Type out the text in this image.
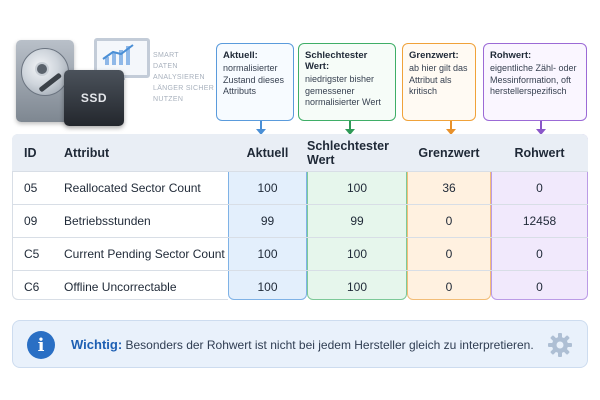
SSD
SMART
DATEN
ANALYSIEREN
LÄNGER SICHER
NUTZEN
Aktuell:
normalisierter Zustand dieses Attributs
Schlechtester Wert:
niedrigster bisher gemessener normalisierter Wert
Grenzwert:
ab hier gilt das Attribut als kritisch
Rohwert:
eigentliche Zähl- oder Messinformation, oft herstellerspezifisch
ID	Attribut	Aktuell	Schlechtester Wert	Grenzwert	Rohwert
05	Reallocated Sector Count	100	100	36	0
09	Betriebsstunden	99	99	0	12458
C5	Current Pending Sector Count	100	100	0	0
C6	Offline Uncorrectable	100	100	0	0
i	Wichtig: Besonders der Rohwert ist nicht bei jedem Hersteller gleich zu interpretieren.
